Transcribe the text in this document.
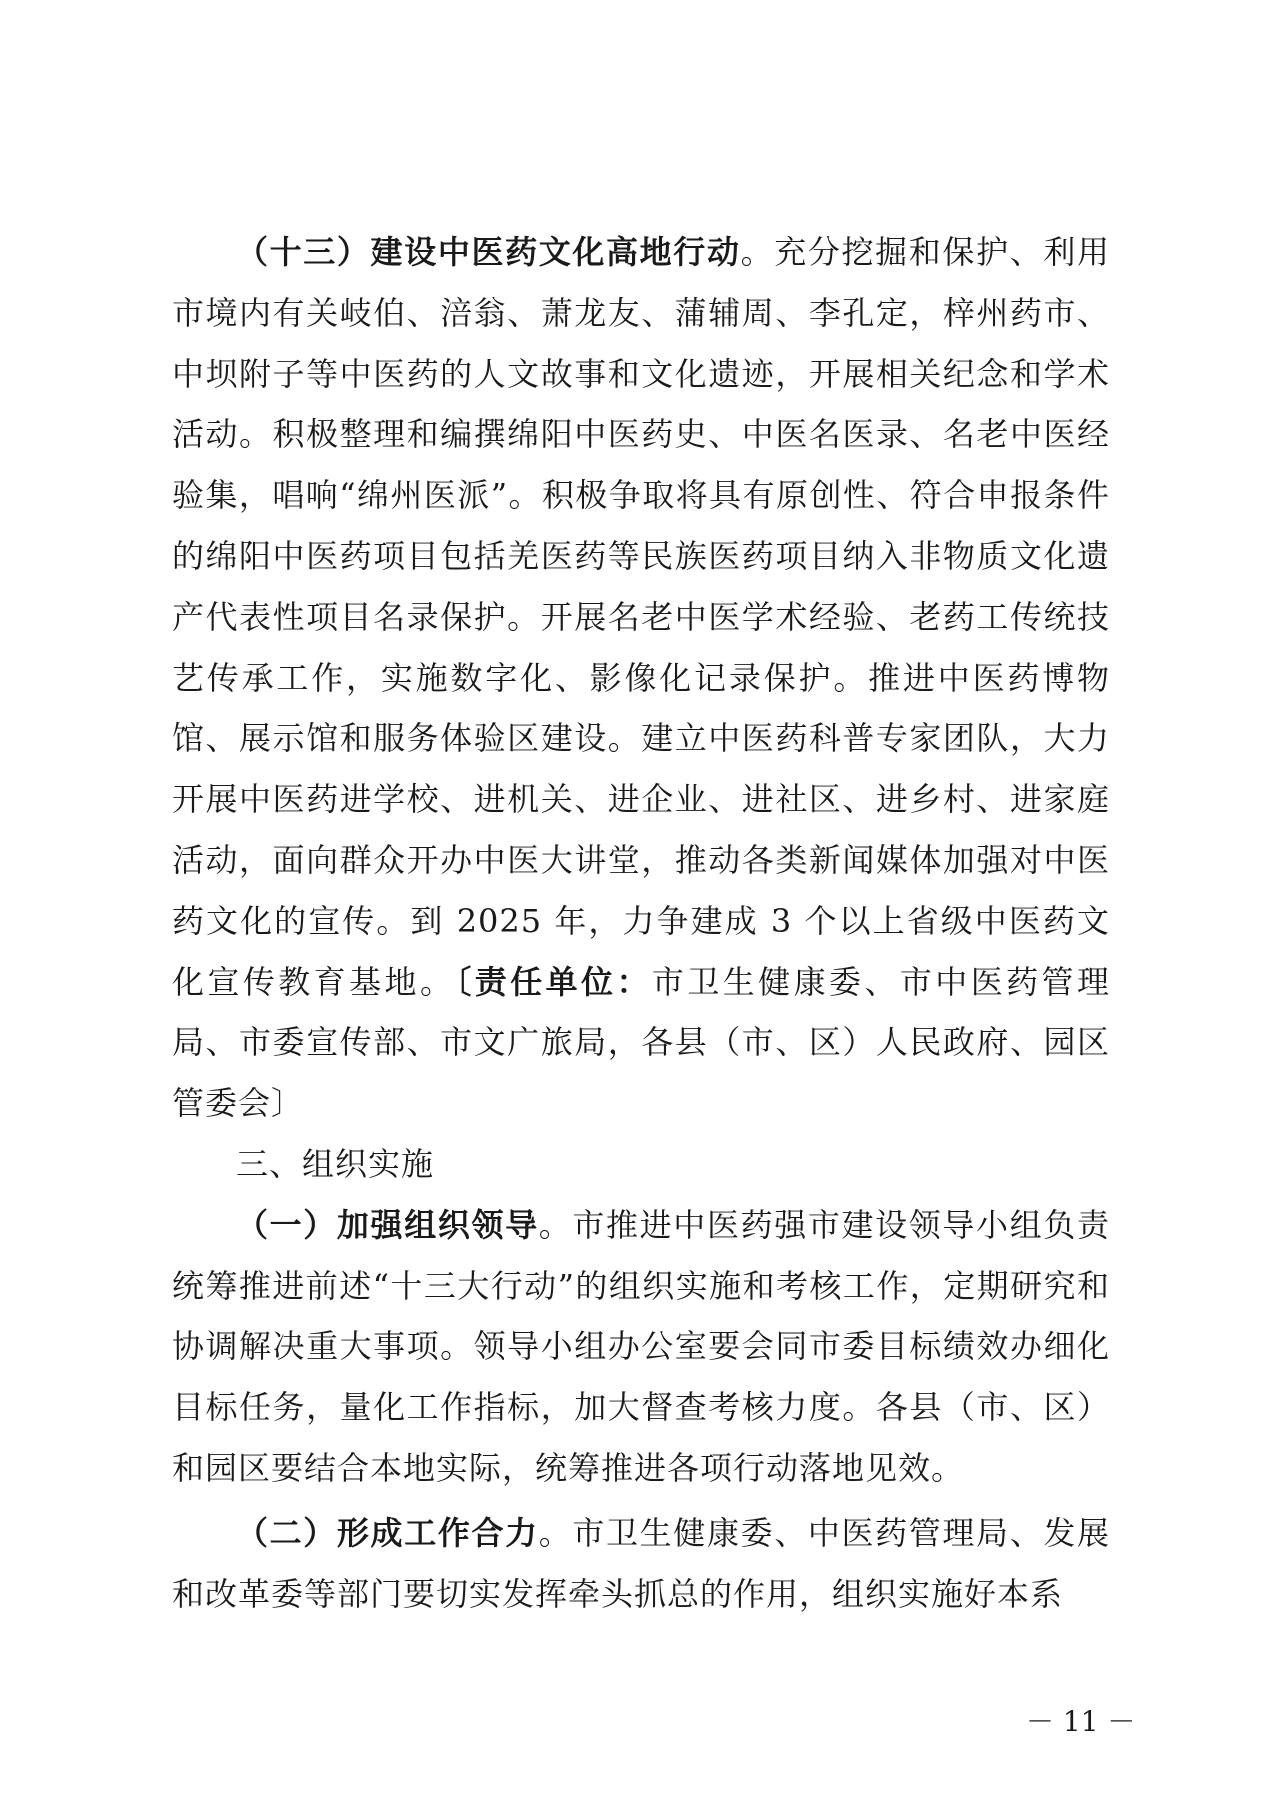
（十三）建设中医药文化高地行动。充分挖掘和保护、利用市境内有关岐伯、涪翁、萧龙友、蒲辅周、李孔定，梓州药市、中坝附子等中医药的人文故事和文化遗迹，开展相关纪念和学术活动。积极整理和编撰绵阳中医药史、中医名医录、名老中医经验集，唱响“绵州医派”。积极争取将具有原创性、符合申报条件的绵阳中医药项目包括羌医药等民族医药项目纳入非物质文化遗产代表性项目名录保护。开展名老中医学术经验、老药工传统技艺传承工作，实施数字化、影像化记录保护。推进中医药博物馆、展示馆和服务体验区建设。建立中医药科普专家团队，大力开展中医药进学校、进机关、进企业、进社区、进乡村、进家庭活动，面向群众开办中医大讲堂，推动各类新闻媒体加强对中医药文化的宣传。到 2025 年，力争建成 3 个以上省级中医药文化宣传教育基地。〔责任单位：市卫生健康委、市中医药管理局、市委宣传部、市文广旅局，各县（市、区）人民政府、园区管委会〕

三、组织实施

（一）加强组织领导。市推进中医药强市建设领导小组负责统筹推进前述“十三大行动”的组织实施和考核工作，定期研究和协调解决重大事项。领导小组办公室要会同市委目标绩效办细化目标任务，量化工作指标，加大督查考核力度。各县（市、区）和园区要结合本地实际，统筹推进各项行动落地见效。

（二）形成工作合力。市卫生健康委、中医药管理局、发展和改革委等部门要切实发挥牵头抓总的作用，组织实施好本系

－ 11 －
